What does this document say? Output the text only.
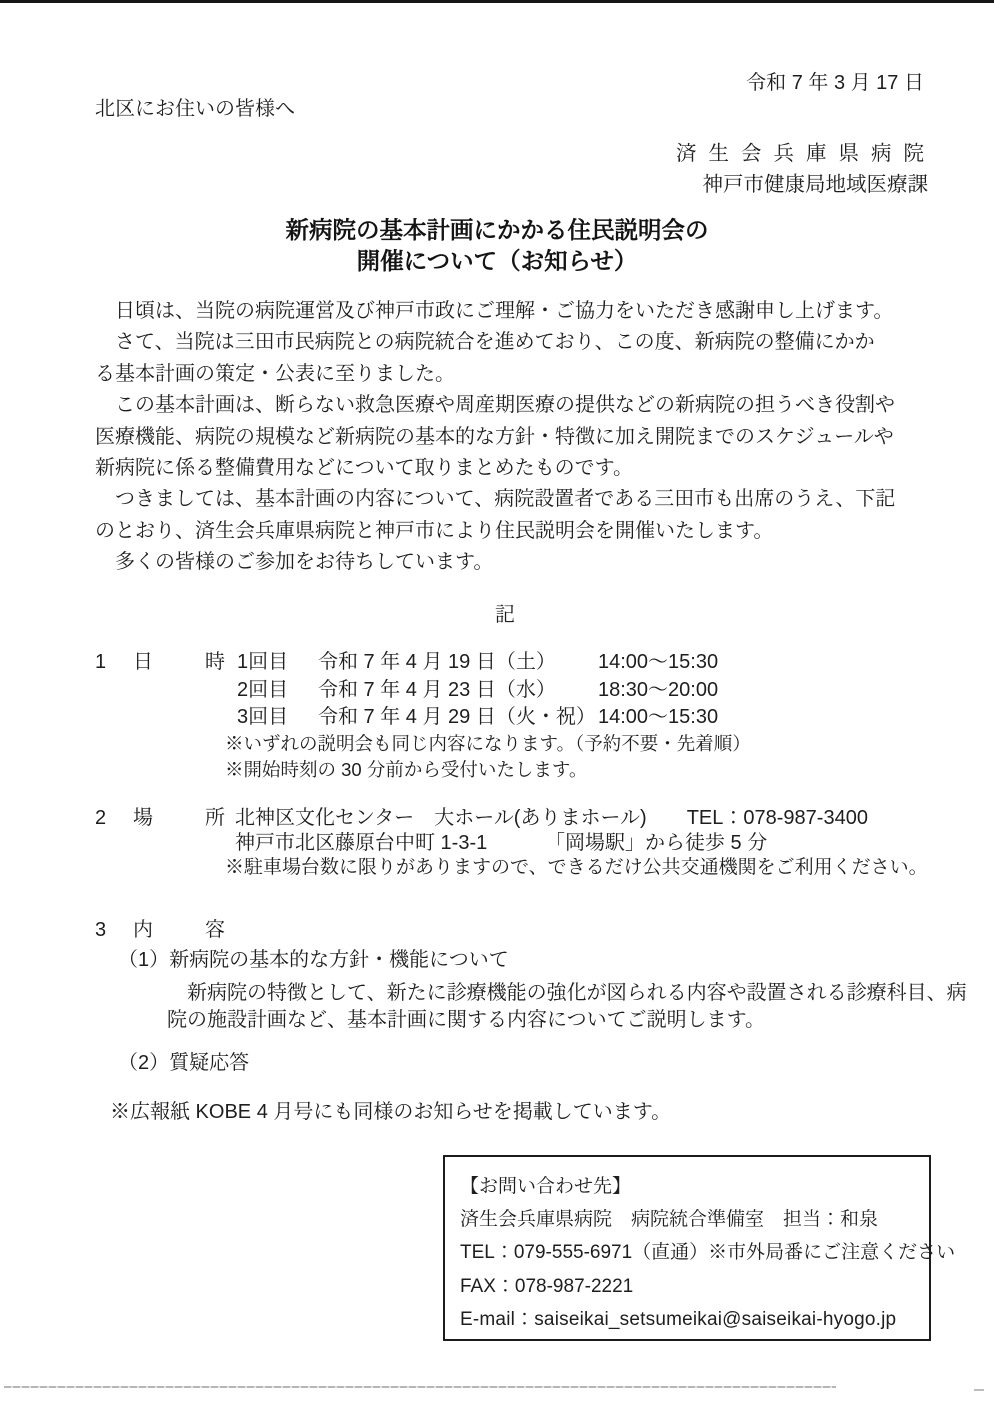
令和 7 年 3 月 17 日
北区にお住いの皆様へ
済生会兵庫県病院
神戸市健康局地域医療課
新病院の基本計画にかかる住民説明会の
開催について（お知らせ）
　日頃は、当院の病院運営及び神戸市政にご理解・ご協力をいただき感謝申し上げます。
　さて、当院は三田市民病院との病院統合を進めており、この度、新病院の整備にかか
る基本計画の策定・公表に至りました。
　この基本計画は、断らない救急医療や周産期医療の提供などの新病院の担うべき役割や
医療機能、病院の規模など新病院の基本的な方針・特徴に加え開院までのスケジュールや
新病院に係る整備費用などについて取りまとめたものです。
　つきましては、基本計画の内容について、病院設置者である三田市も出席のうえ、下記
のとおり、済生会兵庫県病院と神戸市により住民説明会を開催いたします。
　多くの皆様のご参加をお待ちしています。
記
1 日	時 1回目 令和 7 年 4 月 19 日（土） 14:00～15:30
2回目 令和 7 年 4 月 23 日（水） 18:30～20:00
3回目 令和 7 年 4 月 29 日（火・祝） 14:00～15:30
※いずれの説明会も同じ内容になります。（予約不要・先着順）
※開始時刻の 30 分前から受付いたします。
2 場	所 北神区文化センター　大ホール(ありまホール)　　TEL：078-987-3400
神戸市北区藤原台中町 1-3-1	「岡場駅」から徒歩 5 分
※駐車場台数に限りがありますので、できるだけ公共交通機関をご利用ください。
3 内	容
（1）新病院の基本的な方針・機能について
新病院の特徴として、新たに診療機能の強化が図られる内容や設置される診療科目、病
院の施設計画など、基本計画に関する内容についてご説明します。
（2）質疑応答
※広報紙 KOBE 4 月号にも同様のお知らせを掲載しています。
【お問い合わせ先】
済生会兵庫県病院　病院統合準備室　担当：和泉
TEL：079-555-6971（直通）※市外局番にご注意ください
FAX：078-987-2221
E-mail：saiseikai_setsumeikai@saiseikai-hyogo.jp
